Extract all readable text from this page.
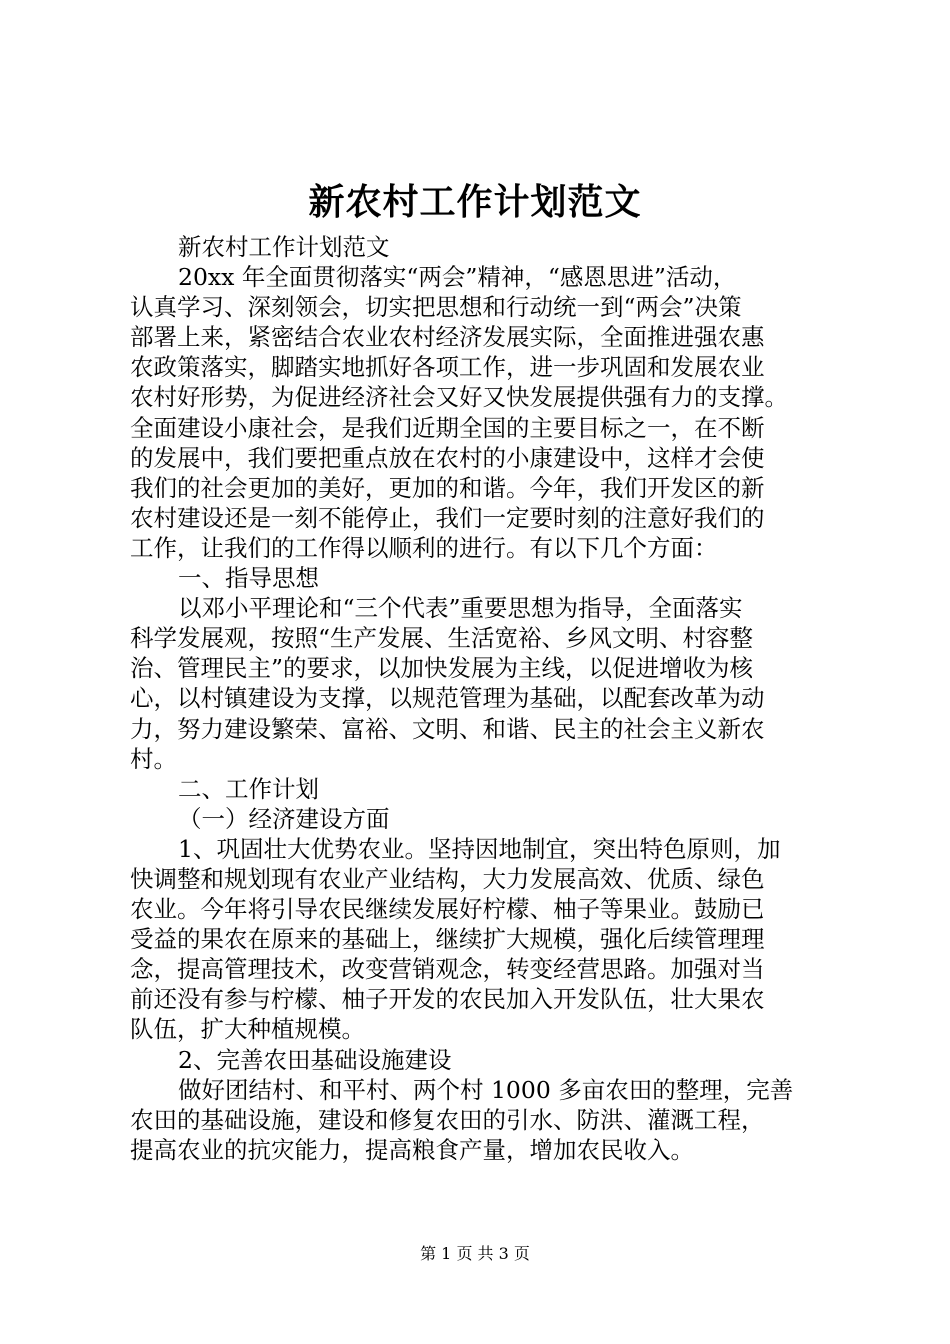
新农村工作计划范文
新农村工作计划范文
20xx 年全面贯彻落实“两会”精神，“感恩思进”活动，
认真学习、深刻领会，切实把思想和行动统一到“两会”决策
部署上来，紧密结合农业农村经济发展实际，全面推进强农惠
农政策落实，脚踏实地抓好各项工作，进一步巩固和发展农业
农村好形势，为促进经济社会又好又快发展提供强有力的支撑。
全面建设小康社会，是我们近期全国的主要目标之一，在不断
的发展中，我们要把重点放在农村的小康建设中，这样才会使
我们的社会更加的美好，更加的和谐。今年，我们开发区的新
农村建设还是一刻不能停止，我们一定要时刻的注意好我们的
工作，让我们的工作得以顺利的进行。有以下几个方面：
一、指导思想
以邓小平理论和“三个代表”重要思想为指导，全面落实
科学发展观，按照“生产发展、生活宽裕、乡风文明、村容整
治、管理民主”的要求，以加快发展为主线，以促进增收为核
心，以村镇建设为支撑，以规范管理为基础，以配套改革为动
力，努力建设繁荣、富裕、文明、和谐、民主的社会主义新农
村。
二、工作计划
（一）经济建设方面
1、巩固壮大优势农业。坚持因地制宜，突出特色原则，加
快调整和规划现有农业产业结构，大力发展高效、优质、绿色
农业。今年将引导农民继续发展好柠檬、柚子等果业。鼓励已
受益的果农在原来的基础上，继续扩大规模，强化后续管理理
念，提高管理技术，改变营销观念，转变经营思路。加强对当
前还没有参与柠檬、柚子开发的农民加入开发队伍，壮大果农
队伍，扩大种植规模。
2、完善农田基础设施建设
做好团结村、和平村、两个村 1000 多亩农田的整理，完善
农田的基础设施，建设和修复农田的引水、防洪、灌溉工程，
提高农业的抗灾能力，提高粮食产量，增加农民收入。
第 1 页 共 3 页
